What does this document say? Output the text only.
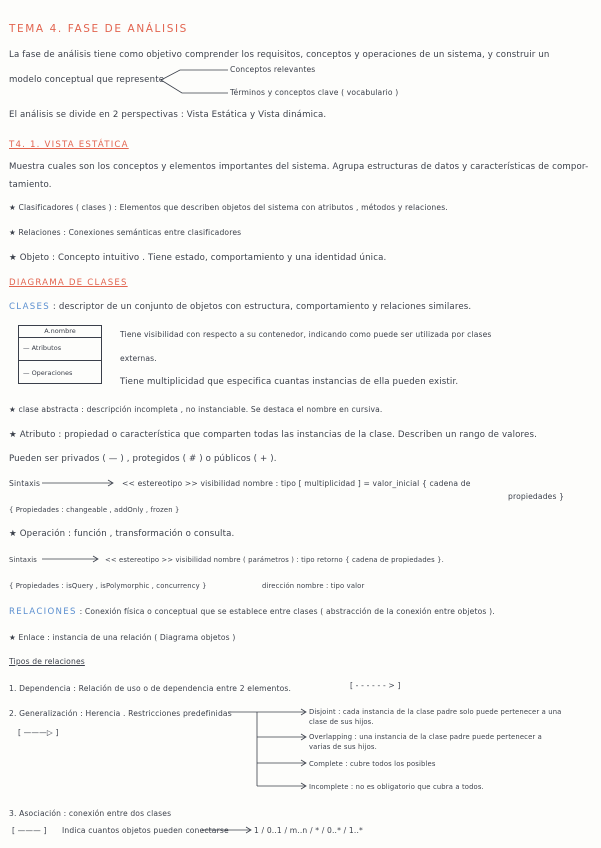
TEMA 4. FASE DE ANÁLISIS
La fase de análisis tiene como objetivo comprender los requisitos, conceptos y operaciones de un sistema, y construir un
modelo conceptual que represente
Conceptos relevantes
Términos y conceptos clave ( vocabulario )
El análisis se divide en 2 perspectivas : Vista Estática y Vista dinámica.
T4. 1. VISTA ESTÁTICA
Muestra cuales son los conceptos y elementos importantes del sistema. Agrupa estructuras de datos y características de compor-
tamiento.
★ Clasificadores ( clases ) : Elementos que describen objetos del sistema con atributos , métodos y relaciones.
★ Relaciones : Conexiones semánticas entre clasificadores
★ Objeto : Concepto intuitivo . Tiene estado, comportamiento y una identidad única.
DIAGRAMA DE CLASES
CLASES : descriptor de un conjunto de objetos con estructura, comportamiento y relaciones similares.
A.nombre
— Atributos
— Operaciones
Tiene visibilidad con respecto a su contenedor, indicando como puede ser utilizada por clases
externas.
Tiene multiplicidad que especifica cuantas instancias de ella pueden existir.
★ clase abstracta : descripción incompleta , no instanciable. Se destaca el nombre en cursiva.
★ Atributo : propiedad o característica que comparten todas las instancias de la clase. Describen un rango de valores.
Pueden ser privados ( — ) , protegidos ( # ) o públicos ( + ).
Sintaxis	<< estereotipo >> visibilidad nombre : tipo [ multiplicidad ] = valor_inicial { cadena de
propiedades }
{ Propiedades : changeable , addOnly , frozen }
★ Operación : función , transformación o consulta.
Sintaxis	<< estereotipo >> visibilidad nombre ( parámetros ) : tipo retorno { cadena de propiedades }.
{ Propiedades : isQuery , isPolymorphic , concurrency }	dirección nombre : tipo valor
RELACIONES : Conexión física o conceptual que se establece entre clases ( abstracción de la conexión entre objetos ).
★ Enlace : instancia de una relación ( Diagrama objetos )
Tipos de relaciones
1. Dependencia : Relación de uso o de dependencia entre 2 elementos.	[ - - - - - - > ]
2. Generalización : Herencia . Restricciones predefinidas
[ ———▷ ]
Disjoint : cada instancia de la clase padre solo puede pertenecer a una
clase de sus hijos.
Overlapping : una instancia de la clase padre puede pertenecer a
varias de sus hijos.
Complete : cubre todos los posibles
Incomplete : no es obligatorio que cubra a todos.
3. Asociación : conexión entre dos clases
[ ——— ] Indica cuantos objetos pueden conectarse	1 / 0..1 / m..n / * / 0..* / 1..*
